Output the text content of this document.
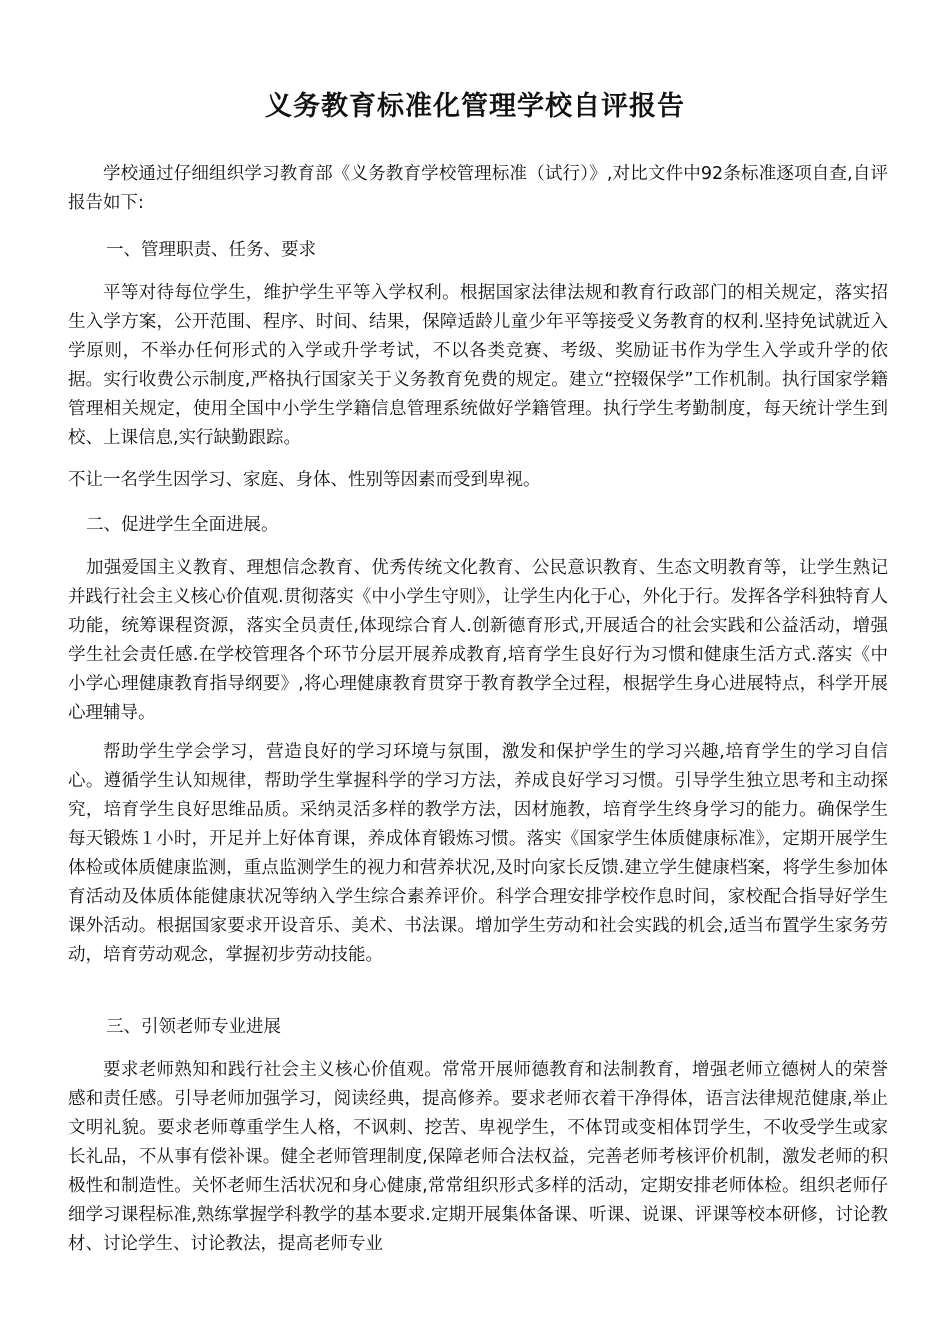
义务教育标准化管理学校自评报告

学校通过仔细组织学习教育部《义务教育学校管理标准（试行）》,对比文件中92条标准逐项自查,自评报告如下:

一、管理职责、任务、要求

平等对待每位学生，维护学生平等入学权利。根据国家法律法规和教育行政部门的相关规定，落实招生入学方案，公开范围、程序、时间、结果，保障适龄儿童少年平等接受义务教育的权利.坚持免试就近入学原则，不举办任何形式的入学或升学考试，不以各类竞赛、考级、奖励证书作为学生入学或升学的依据。实行收费公示制度,严格执行国家关于义务教育免费的规定。建立“控辍保学”工作机制。执行国家学籍管理相关规定，使用全国中小学生学籍信息管理系统做好学籍管理。执行学生考勤制度，每天统计学生到校、上课信息,实行缺勤跟踪。

不让一名学生因学习、家庭、身体、性别等因素而受到卑视。

二、促进学生全面进展。

加强爱国主义教育、理想信念教育、优秀传统文化教育、公民意识教育、生态文明教育等，让学生熟记并践行社会主义核心价值观.贯彻落实《中小学生守则》，让学生内化于心，外化于行。发挥各学科独特育人功能，统筹课程资源，落实全员责任,体现综合育人.创新德育形式,开展适合的社会实践和公益活动，增强学生社会责任感.在学校管理各个环节分层开展养成教育,培育学生良好行为习惯和健康生活方式.落实《中小学心理健康教育指导纲要》,将心理健康教育贯穿于教育教学全过程，根据学生身心进展特点，科学开展心理辅导。

帮助学生学会学习，营造良好的学习环境与氛围，激发和保护学生的学习兴趣,培育学生的学习自信心。遵循学生认知规律，帮助学生掌握科学的学习方法，养成良好学习习惯。引导学生独立思考和主动探究，培育学生良好思维品质。采纳灵活多样的教学方法，因材施教，培育学生终身学习的能力。确保学生每天锻炼１小时，开足并上好体育课，养成体育锻炼习惯。落实《国家学生体质健康标准》，定期开展学生体检或体质健康监测，重点监测学生的视力和营养状况,及时向家长反馈.建立学生健康档案，将学生参加体育活动及体质体能健康状况等纳入学生综合素养评价。科学合理安排学校作息时间，家校配合指导好学生课外活动。根据国家要求开设音乐、美术、书法课。增加学生劳动和社会实践的机会,适当布置学生家务劳动，培育劳动观念，掌握初步劳动技能。

三、引领老师专业进展

要求老师熟知和践行社会主义核心价值观。常常开展师德教育和法制教育，增强老师立德树人的荣誉感和责任感。引导老师加强学习，阅读经典，提高修养。要求老师衣着干净得体，语言法律规范健康,举止文明礼貌。要求老师尊重学生人格，不讽刺、挖苦、卑视学生，不体罚或变相体罚学生，不收受学生或家长礼品，不从事有偿补课。健全老师管理制度,保障老师合法权益，完善老师考核评价机制，激发老师的积极性和制造性。关怀老师生活状况和身心健康,常常组织形式多样的活动，定期安排老师体检。组织老师仔细学习课程标准,熟练掌握学科教学的基本要求.定期开展集体备课、听课、说课、评课等校本研修，讨论教材、讨论学生、讨论教法，提高老师专业
